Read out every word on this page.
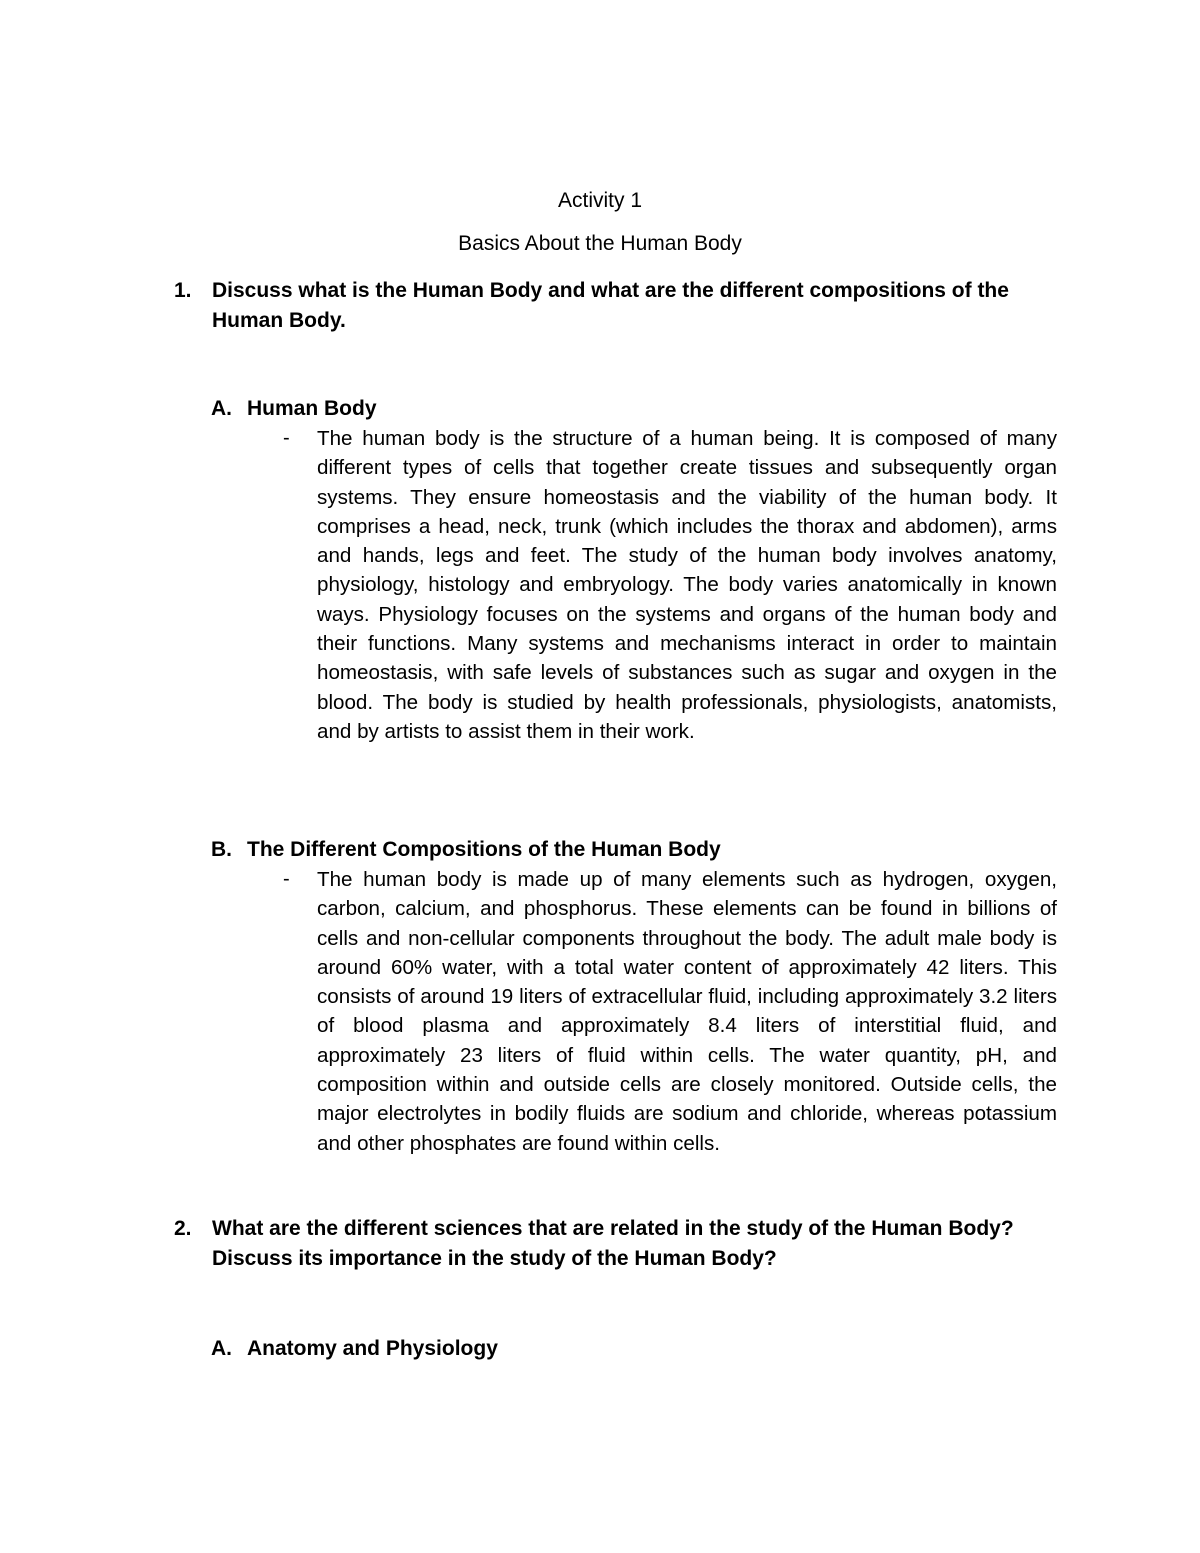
Activity 1
Basics About the Human Body
1. Discuss what is the Human Body and what are the different compositions of the Human Body.
A. Human Body
- The human body is the structure of a human being. It is composed of many different types of cells that together create tissues and subsequently organ systems. They ensure homeostasis and the viability of the human body. It comprises a head, neck, trunk (which includes the thorax and abdomen), arms and hands, legs and feet. The study of the human body involves anatomy, physiology, histology and embryology. The body varies anatomically in known ways. Physiology focuses on the systems and organs of the human body and their functions. Many systems and mechanisms interact in order to maintain homeostasis, with safe levels of substances such as sugar and oxygen in the blood. The body is studied by health professionals, physiologists, anatomists, and by artists to assist them in their work.

B. The Different Compositions of the Human Body
- The human body is made up of many elements such as hydrogen, oxygen, carbon, calcium, and phosphorus. These elements can be found in billions of cells and non-cellular components throughout the body. The adult male body is around 60% water, with a total water content of approximately 42 liters. This consists of around 19 liters of extracellular fluid, including approximately 3.2 liters of blood plasma and approximately 8.4 liters of interstitial fluid, and approximately 23 liters of fluid within cells. The water quantity, pH, and composition within and outside cells are closely monitored. Outside cells, the major electrolytes in bodily fluids are sodium and chloride, whereas potassium and other phosphates are found within cells.

2. What are the different sciences that are related in the study of the Human Body? Discuss its importance in the study of the Human Body?
A. Anatomy and Physiology
